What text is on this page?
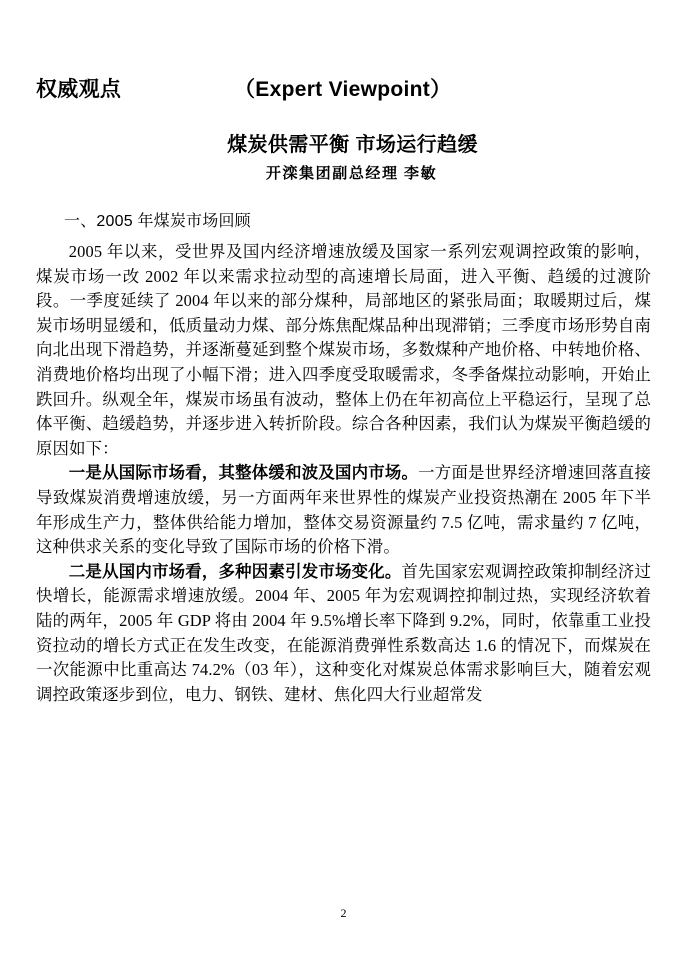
权威观点	（Expert Viewpoint）
煤炭供需平衡 市场运行趋缓
开滦集团副总经理 李敏
一、2005 年煤炭市场回顾

2005 年以来，受世界及国内经济增速放缓及国家一系列宏观调控政策的影响，煤炭市场一改 2002 年以来需求拉动型的高速增长局面，进入平衡、趋缓的过渡阶段。一季度延续了 2004 年以来的部分煤种，局部地区的紧张局面；取暖期过后，煤炭市场明显缓和，低质量动力煤、部分炼焦配煤品种出现滞销；三季度市场形势自南向北出现下滑趋势，并逐渐蔓延到整个煤炭市场，多数煤种产地价格、中转地价格、消费地价格均出现了小幅下滑；进入四季度受取暖需求，冬季备煤拉动影响，开始止跌回升。纵观全年，煤炭市场虽有波动，整体上仍在年初高位上平稳运行，呈现了总体平衡、趋缓趋势，并逐步进入转折阶段。综合各种因素，我们认为煤炭平衡趋缓的原因如下：

一是从国际市场看，其整体缓和波及国内市场。一方面是世界经济增速回落直接导致煤炭消费增速放缓，另一方面两年来世界性的煤炭产业投资热潮在 2005 年下半年形成生产力，整体供给能力增加，整体交易资源量约 7.5 亿吨，需求量约 7 亿吨，这种供求关系的变化导致了国际市场的价格下滑。

二是从国内市场看，多种因素引发市场变化。首先国家宏观调控政策抑制经济过快增长，能源需求增速放缓。2004 年、2005 年为宏观调控抑制过热，实现经济软着陆的两年，2005 年 GDP 将由 2004 年 9.5%增长率下降到 9.2%，同时，依靠重工业投资拉动的增长方式正在发生改变，在能源消费弹性系数高达 1.6 的情况下，而煤炭在一次能源中比重高达 74.2%（03 年），这种变化对煤炭总体需求影响巨大，随着宏观调控政策逐步到位，电力、钢铁、建材、焦化四大行业超常发

2
